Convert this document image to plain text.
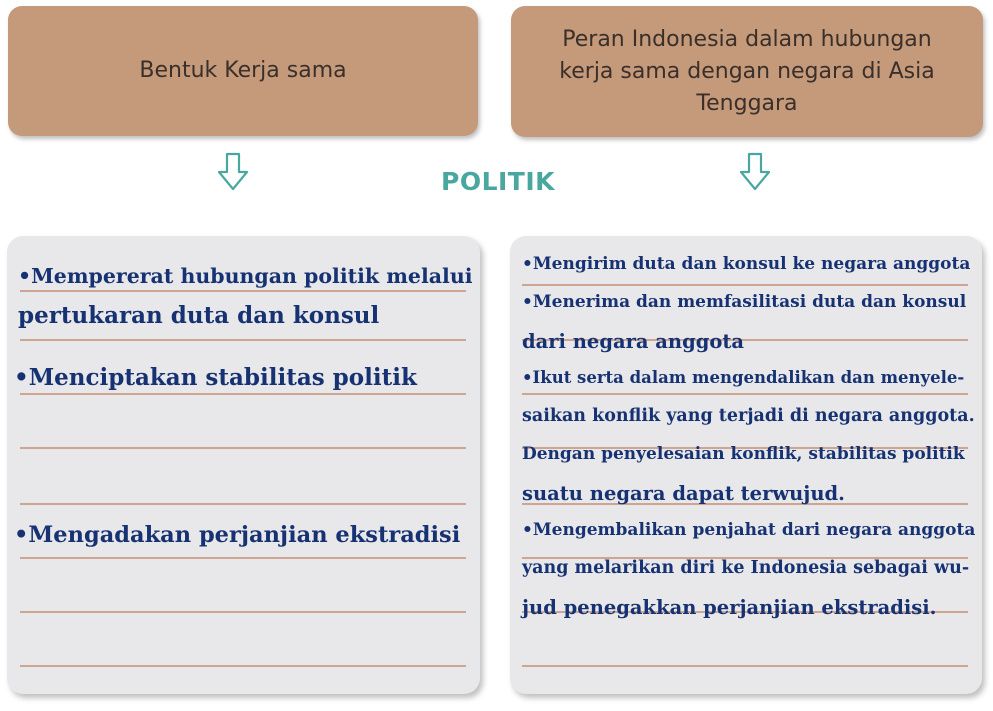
Bentuk Kerja sama
Peran Indonesia dalam hubungan
kerja sama dengan negara di Asia
Tenggara
POLITIK
•Mempererat hubungan politik melalui
pertukaran duta dan konsul
•Menciptakan stabilitas politik
•Mengadakan perjanjian ekstradisi
•Mengirim duta dan konsul ke negara anggota
•Menerima dan memfasilitasi duta dan konsul
dari negara anggota
•Ikut serta dalam mengendalikan dan menyele-
saikan konflik yang terjadi di negara anggota.
Dengan penyelesaian konflik, stabilitas politik
suatu negara dapat terwujud.
•Mengembalikan penjahat dari negara anggota
yang melarikan diri ke Indonesia sebagai wu-
jud penegakkan perjanjian ekstradisi.
